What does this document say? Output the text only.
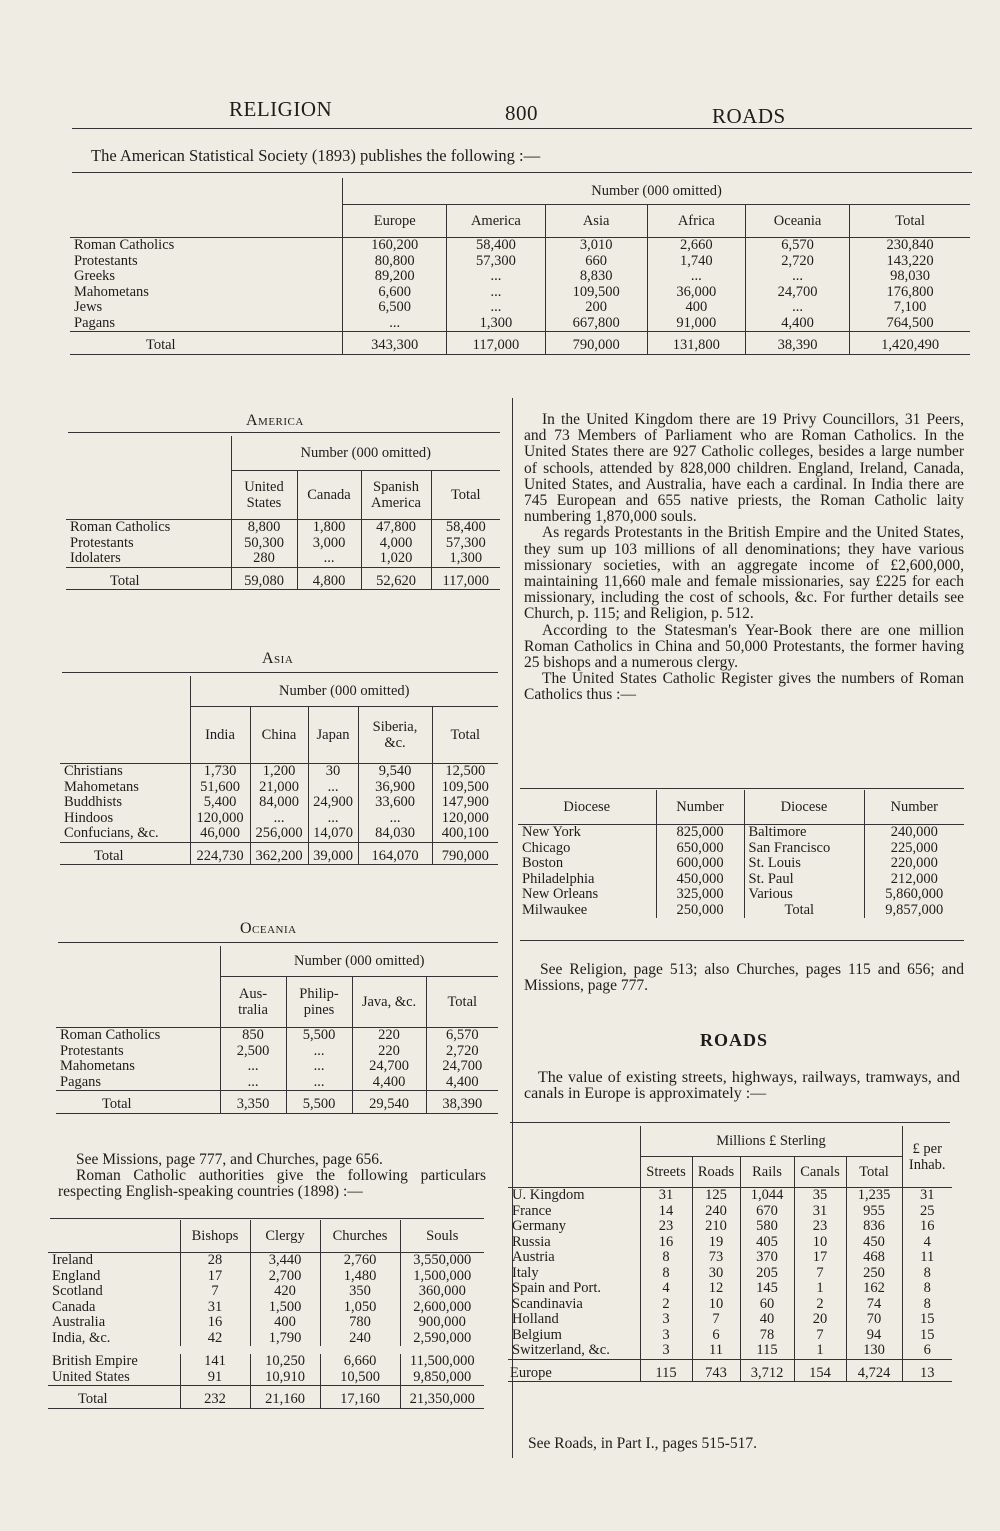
RELIGION	800	ROADS
The American Statistical Society (1893) publishes the following :—
	Number (000 omitted)					
	Europe	America	Asia	Africa	Oceania	Total
Roman Catholics	160,200	58,400	3,010	2,660	6,570	230,840
Protestants	80,800	57,300	660	1,740	2,720	143,220
Greeks	89,200	...	8,830	...	...	98,030
Mahometans	6,600	...	109,500	36,000	24,700	176,800
Jews	6,500	...	200	400	...	7,100
Pagans	...	1,300	667,800	91,000	4,400	764,500
Total	343,300	117,000	790,000	131,800	38,390	1,420,490
America
	Number (000 omitted)			
	United States	Canada	Spanish America	Total
Roman Catholics	8,800	1,800	47,800	58,400
Protestants	50,300	3,000	4,000	57,300
Idolaters	280	...	1,020	1,300
Total	59,080	4,800	52,620	117,000
Asia
	Number (000 omitted)				
	India	China	Japan	Siberia, &c.	Total
Christians	1,730	1,200	30	9,540	12,500
Mahometans	51,600	21,000	...	36,900	109,500
Buddhists	5,400	84,000	24,900	33,600	147,900
Hindoos	120,000	...	...	...	120,000
Confucians, &c.	46,000	256,000	14,070	84,030	400,100
Total	224,730	362,200	39,000	164,070	790,000
Oceania
	Number (000 omitted)			
	Aus-tralia	Philip-pines	Java, &c.	Total
Roman Catholics	850	5,500	220	6,570
Protestants	2,500	...	220	2,720
Mahometans	...	...	24,700	24,700
Pagans	...	...	4,400	4,400
Total	3,350	5,500	29,540	38,390
See Missions, page 777, and Churches, page 656.
Roman Catholic authorities give the following particulars respecting English-speaking countries (1898) :—
	Bishops	Clergy	Churches	Souls
Ireland	28	3,440	2,760	3,550,000
England	17	2,700	1,480	1,500,000
Scotland	7	420	350	360,000
Canada	31	1,500	1,050	2,600,000
Australia	16	400	780	900,000
India, &c.	42	1,790	240	2,590,000

British Empire	141	10,250	6,660	11,500,000
United States	91	10,910	10,500	9,850,000
Total	232	21,160	17,160	21,350,000

In the United Kingdom there are 19 Privy Councillors, 31 Peers, and 73 Members of Parliament who are Roman Catholics. In the United States there are 927 Catholic colleges, besides a large number of schools, attended by 828,000 children. England, Ireland, Canada, United States, and Australia, have each a cardinal. In India there are 745 European and 655 native priests, the Roman Catholic laity numbering 1,870,000 souls.

As regards Protestants in the British Empire and the United States, they sum up 103 millions of all denominations; they have various missionary societies, with an aggregate income of £2,600,000, maintaining 11,660 male and female missionaries, say £225 for each missionary, including the cost of schools, &c. For further details see Church, p. 115; and Religion, p. 512.

According to the Statesman's Year-Book there are one million Roman Catholics in China and 50,000 Protestants, the former having 25 bishops and a numerous clergy.

The United States Catholic Register gives the numbers of Roman Catholics thus :—

Diocese	Number	Diocese	Number
New York	825,000	Baltimore	240,000
Chicago	650,000	San Francisco	225,000
Boston	600,000	St. Louis	220,000
Philadelphia	450,000	St. Paul	212,000
New Orleans	325,000	Various	5,860,000
Milwaukee	250,000	Total	9,857,000
See Religion, page 513; also Churches, pages 115 and 656; and Missions, page 777.
ROADS
The value of existing streets, highways, railways, tramways, and canals in Europe is approximately :—
	Millions £ Sterling					£ per Inhab.
	Streets	Roads	Rails	Canals	Total	
U. Kingdom	31	125	1,044	35	1,235	31
France	14	240	670	31	955	25
Germany	23	210	580	23	836	16
Russia	16	19	405	10	450	4
Austria	8	73	370	17	468	11
Italy	8	30	205	7	250	8
Spain and Port.	4	12	145	1	162	8
Scandinavia	2	10	60	2	74	8
Holland	3	7	40	20	70	15
Belgium	3	6	78	7	94	15
Switzerland, &c.	3	11	115	1	130	6
Europe	115	743	3,712	154	4,724	13
See Roads, in Part I., pages 515-517.
